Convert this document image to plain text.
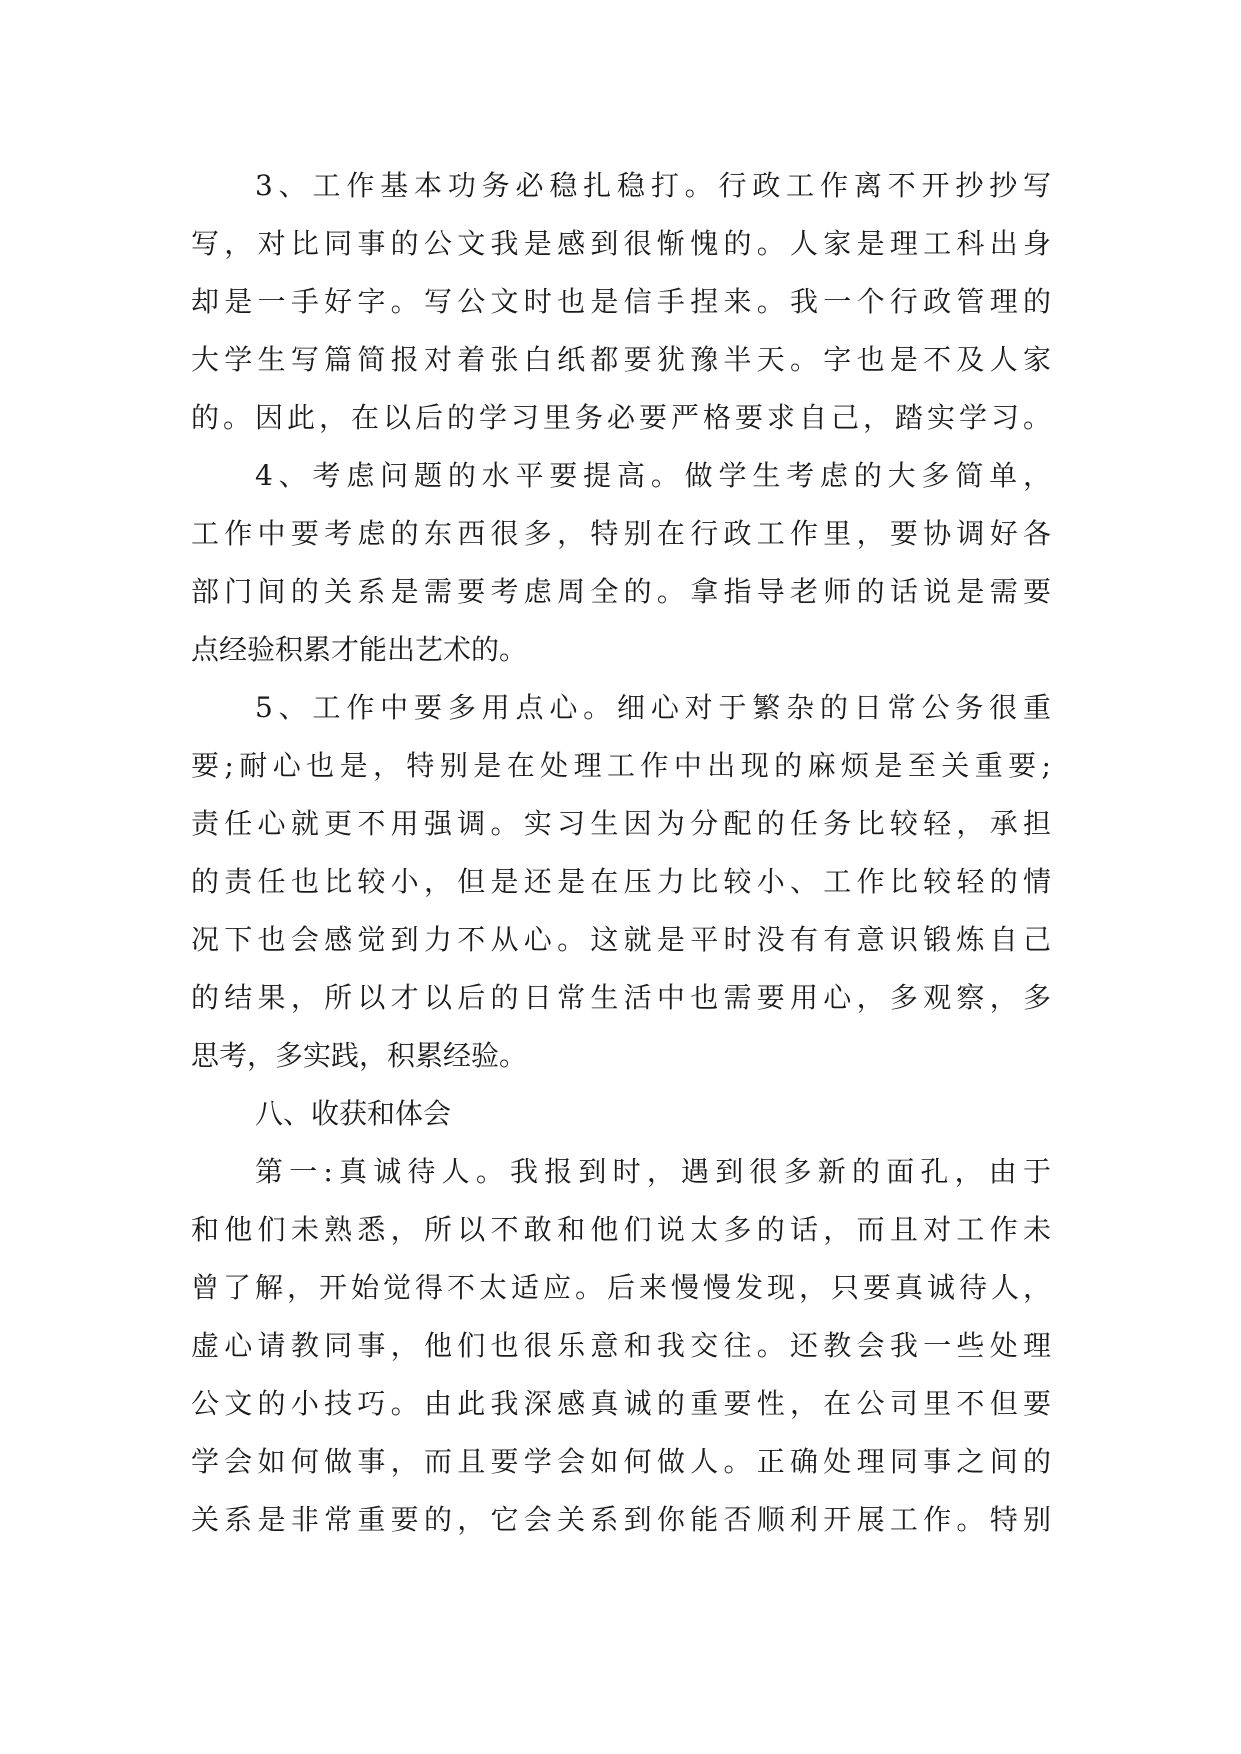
3、工作基本功务必稳扎稳打。行政工作离不开抄抄写
写，对比同事的公文我是感到很惭愧的。人家是理工科出身
却是一手好字。写公文时也是信手捏来。我一个行政管理的
大学生写篇简报对着张白纸都要犹豫半天。字也是不及人家
的。因此，在以后的学习里务必要严格要求自己，踏实学习。
4、考虑问题的水平要提高。做学生考虑的大多简单，
工作中要考虑的东西很多，特别在行政工作里，要协调好各
部门间的关系是需要考虑周全的。拿指导老师的话说是需要
点经验积累才能出艺术的。
5、工作中要多用点心。细心对于繁杂的日常公务很重
要;耐心也是，特别是在处理工作中出现的麻烦是至关重要;
责任心就更不用强调。实习生因为分配的任务比较轻，承担
的责任也比较小，但是还是在压力比较小、工作比较轻的情
况下也会感觉到力不从心。这就是平时没有有意识锻炼自己
的结果，所以才以后的日常生活中也需要用心，多观察，多
思考，多实践，积累经验。
八、收获和体会
第一:真诚待人。我报到时，遇到很多新的面孔，由于
和他们未熟悉，所以不敢和他们说太多的话，而且对工作未
曾了解，开始觉得不太适应。后来慢慢发现，只要真诚待人，
虚心请教同事，他们也很乐意和我交往。还教会我一些处理
公文的小技巧。由此我深感真诚的重要性，在公司里不但要
学会如何做事，而且要学会如何做人。正确处理同事之间的
关系是非常重要的，它会关系到你能否顺利开展工作。特别
